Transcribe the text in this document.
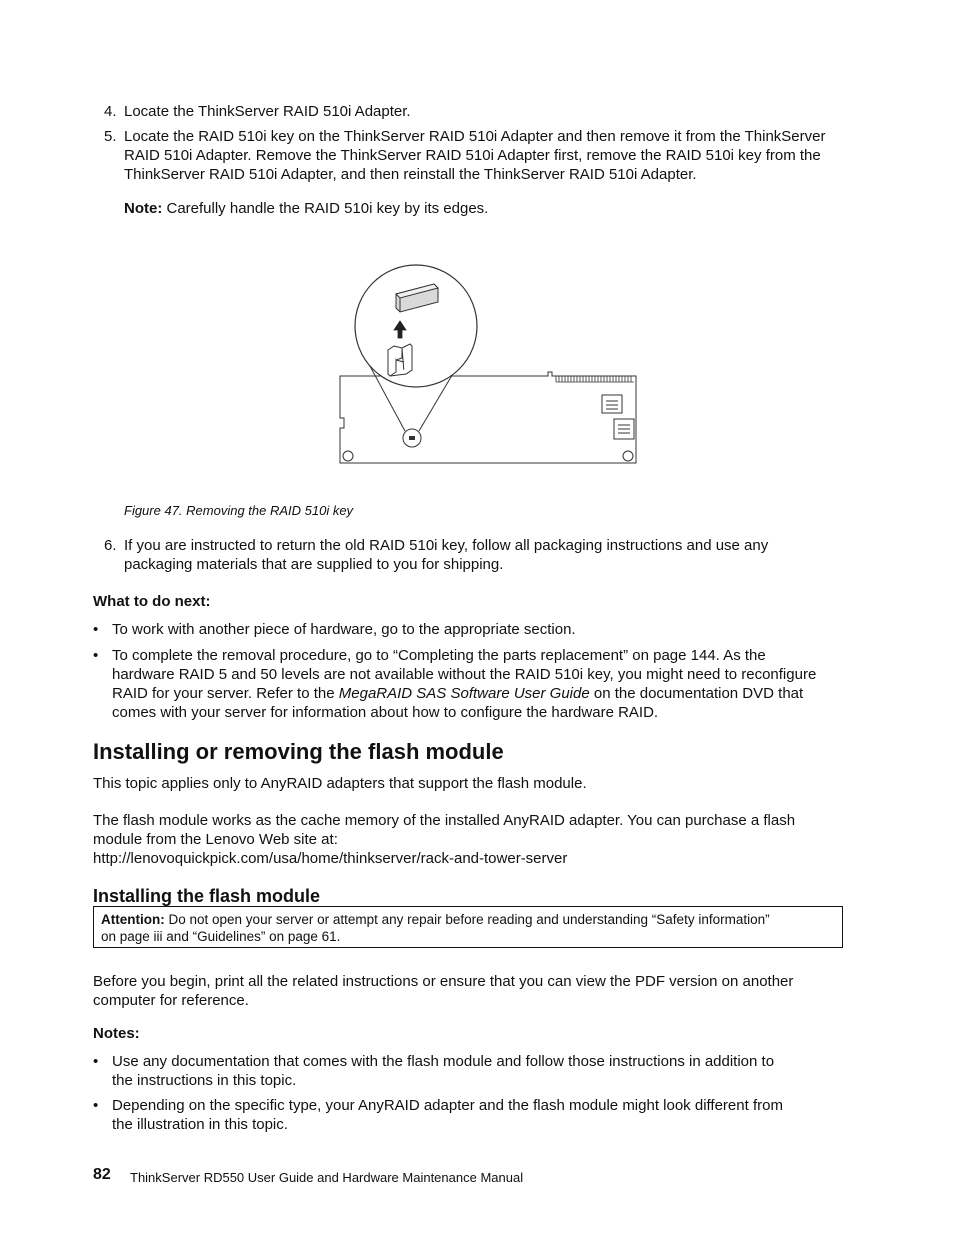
4. Locate the ThinkServer RAID 510i Adapter.
5. Locate the RAID 510i key on the ThinkServer RAID 510i Adapter and then remove it from the ThinkServer
RAID 510i Adapter. Remove the ThinkServer RAID 510i Adapter first, remove the RAID 510i key from the
ThinkServer RAID 510i Adapter, and then reinstall the ThinkServer RAID 510i Adapter.
Note: Carefully handle the RAID 510i key by its edges.
Figure 47. Removing the RAID 510i key
6. If you are instructed to return the old RAID 510i key, follow all packaging instructions and use any
packaging materials that are supplied to you for shipping.
What to do next:
• To work with another piece of hardware, go to the appropriate section.
• To complete the removal procedure, go to “Completing the parts replacement” on page 144. As the
hardware RAID 5 and 50 levels are not available without the RAID 510i key, you might need to reconfigure
RAID for your server. Refer to the MegaRAID SAS Software User Guide on the documentation DVD that
comes with your server for information about how to configure the hardware RAID.
Installing or removing the flash module
This topic applies only to AnyRAID adapters that support the flash module.
The flash module works as the cache memory of the installed AnyRAID adapter. You can purchase a flash
module from the Lenovo Web site at:
http://lenovoquickpick.com/usa/home/thinkserver/rack-and-tower-server
Installing the flash module
Attention: Do not open your server or attempt any repair before reading and understanding “Safety information”
on page iii and “Guidelines” on page 61.
Before you begin, print all the related instructions or ensure that you can view the PDF version on another
computer for reference.
Notes:
• Use any documentation that comes with the flash module and follow those instructions in addition to
the instructions in this topic.
• Depending on the specific type, your AnyRAID adapter and the flash module might look different from
the illustration in this topic.
82 ThinkServer RD550 User Guide and Hardware Maintenance Manual
